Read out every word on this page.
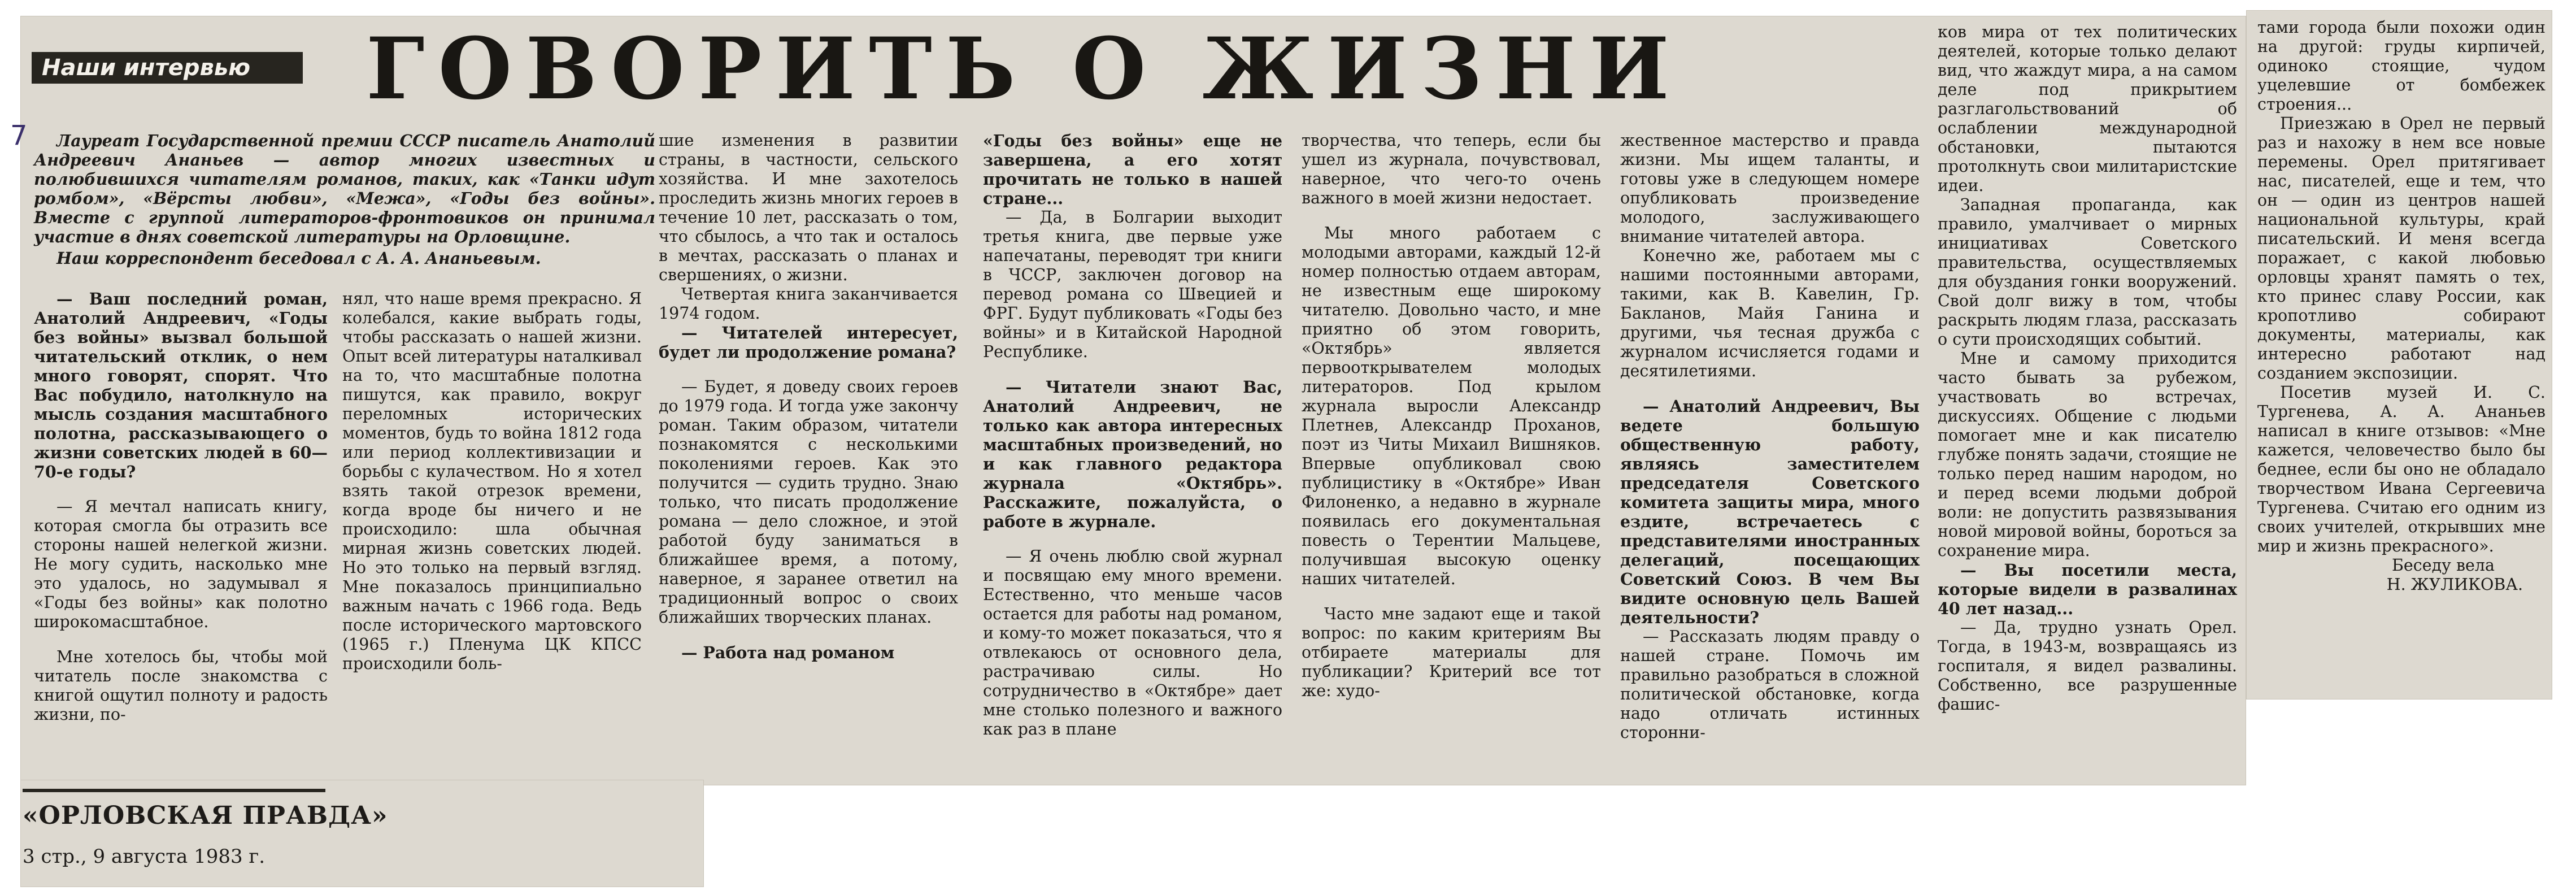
7
Наши интервью	ГОВОРИТЬ О ЖИЗНИ

Лауреат Государственной премии СССР писатель Анатолий Андреевич Ананьев — автор многих известных и полюбившихся читателям романов, таких, как «Танки идут ромбом», «Вёрсты любви», «Межа», «Годы без войны». Вместе с группой литераторов-фронтовиков он принимал участие в днях советской литературы на Орловщине.

Наш корреспондент беседовал с А. А. Ананьевым.

— Ваш последний роман, Анатолий Андреевич, «Годы без войны» вызвал большой читательский отклик, о нем много говорят, спорят. Что Вас побудило, натолкнуло на мысль создания масштабного полотна, рассказывающего о жизни советских людей в 60—70-е годы?

— Я мечтал написать книгу, которая смогла бы отразить все стороны нашей нелегкой жизни. Не могу судить, насколько мне это удалось, но задумывал я «Годы без войны» как полотно широкомасштабное.

Мне хотелось бы, чтобы мой читатель после знакомства с книгой ощутил полноту и радость жизни, по-

нял, что наше время прекрасно. Я колебался, какие выбрать годы, чтобы рассказать о нашей жизни. Опыт всей литературы наталкивал на то, что масштабные полотна пишутся, как правило, вокруг переломных исторических моментов, будь то война 1812 года или период коллективизации и борьбы с кулачеством. Но я хотел взять такой отрезок времени, когда вроде бы ничего и не происходило: шла обычная мирная жизнь советских людей. Но это только на первый взгляд. Мне показалось принципиально важным начать с 1966 года. Ведь после исторического мартовского (1965 г.) Пленума ЦК КПСС происходили боль-

шие изменения в развитии страны, в частности, сельского хозяйства. И мне захотелось проследить жизнь многих героев в течение 10 лет, рассказать о том, что сбылось, а что так и осталось в мечтах, рассказать о планах и свершениях, о жизни.

Четвертая книга заканчивается 1974 годом.

— Читателей интересует, будет ли продолжение романа?

— Будет, я доведу своих героев до 1979 года. И тогда уже закончу роман. Таким образом, читатели познакомятся с несколькими поколениями героев. Как это получится — судить трудно. Знаю только, что писать продолжение романа — дело сложное, и этой работой буду заниматься в ближайшее время, а потому, наверное, я заранее ответил на традиционный вопрос о своих ближайших творческих планах.

— Работа над романом

«Годы без войны» еще не завершена, а его хотят прочитать не только в нашей стране...

— Да, в Болгарии выходит третья книга, две первые уже напечатаны, переводят три книги в ЧССР, заключен договор на перевод романа со Швецией и ФРГ. Будут публиковать «Годы без войны» и в Китайской Народной Республике.

— Читатели знают Вас, Анатолий Андреевич, не только как автора интересных масштабных произведений, но и как главного редактора журнала «Октябрь». Расскажите, пожалуйста, о работе в журнале.

— Я очень люблю свой журнал и посвящаю ему много времени. Естественно, что меньше часов остается для работы над романом, и кому-то может показаться, что я отвлекаюсь от основного дела, растрачиваю силы. Но сотрудничество в «Октябре» дает мне столько полезного и важного как раз в плане

творчества, что теперь, если бы ушел из журнала, почувствовал, наверное, что чего-то очень важного в моей жизни недостает.

Мы много работаем с молодыми авторами, каждый 12-й номер полностью отдаем авторам, не известным еще широкому читателю. Довольно часто, и мне приятно об этом говорить, «Октябрь» является первооткрывателем молодых литераторов. Под крылом журнала выросли Александр Плетнев, Александр Проханов, поэт из Читы Михаил Вишняков. Впервые опубликовал свою публицистику в «Октябре» Иван Филоненко, а недавно в журнале появилась его документальная повесть о Терентии Мальцеве, получившая высокую оценку наших читателей.

Часто мне задают еще и такой вопрос: по каким критериям Вы отбираете материалы для публикации? Критерий все тот же: худо-

жественное мастерство и правда жизни. Мы ищем таланты, и готовы уже в следующем номере опубликовать произведение молодого, заслуживающего внимание читателей автора.

Конечно же, работаем мы с нашими постоянными авторами, такими, как В. Кавелин, Гр. Бакланов, Майя Ганина и другими, чья тесная дружба с журналом исчисляется годами и десятилетиями.

— Анатолий Андреевич, Вы ведете большую общественную работу, являясь заместителем председателя Советского комитета защиты мира, много ездите, встречаетесь с представителями иностранных делегаций, посещающих Советский Союз. В чем Вы видите основную цель Вашей деятельности?

— Рассказать людям правду о нашей стране. Помочь им правильно разобраться в сложной политической обстановке, когда надо отличать истинных сторонни-

ков мира от тех политических деятелей, которые только делают вид, что жаждут мира, а на самом деле под прикрытием разглагольствований об ослаблении международной обстановки, пытаются протолкнуть свои милитаристские идеи.

Западная пропаганда, как правило, умалчивает о мирных инициативах Советского правительства, осуществляемых для обуздания гонки вооружений. Свой долг вижу в том, чтобы раскрыть людям глаза, рассказать о сути происходящих событий.

Мне и самому приходится часто бывать за рубежом, участвовать во встречах, дискуссиях. Общение с людьми помогает мне и как писателю глубже понять задачи, стоящие не только перед нашим народом, но и перед всеми людьми доброй воли: не допустить развязывания новой мировой войны, бороться за сохранение мира.

— Вы посетили места, которые видели в развалинах 40 лет назад...

— Да, трудно узнать Орел. Тогда, в 1943-м, возвращаясь из госпиталя, я видел развалины. Собственно, все разрушенные фашис-

тами города были похожи один на другой: груды кирпичей, одиноко стоящие, чудом уцелевшие от бомбежек строения...

Приезжаю в Орел не первый раз и нахожу в нем все новые перемены. Орел притягивает нас, писателей, еще и тем, что он — один из центров нашей национальной культуры, край писательский. И меня всегда поражает, с какой любовью орловцы хранят память о тех, кто принес славу России, как кропотливо собирают документы, материалы, как интересно работают над созданием экспозиции.

Посетив музей И. С. Тургенева, А. А. Ананьев написал в книге отзывов: «Мне кажется, человечество было бы беднее, если бы оно не обладало творчеством Ивана Сергеевича Тургенева. Считаю его одним из своих учителей, открывших мне мир и жизнь прекрасного».

Беседу вела

Н. ЖУЛИКОВА.

«ОРЛОВСКАЯ ПРАВДА»
3 стр., 9 августа 1983 г.
